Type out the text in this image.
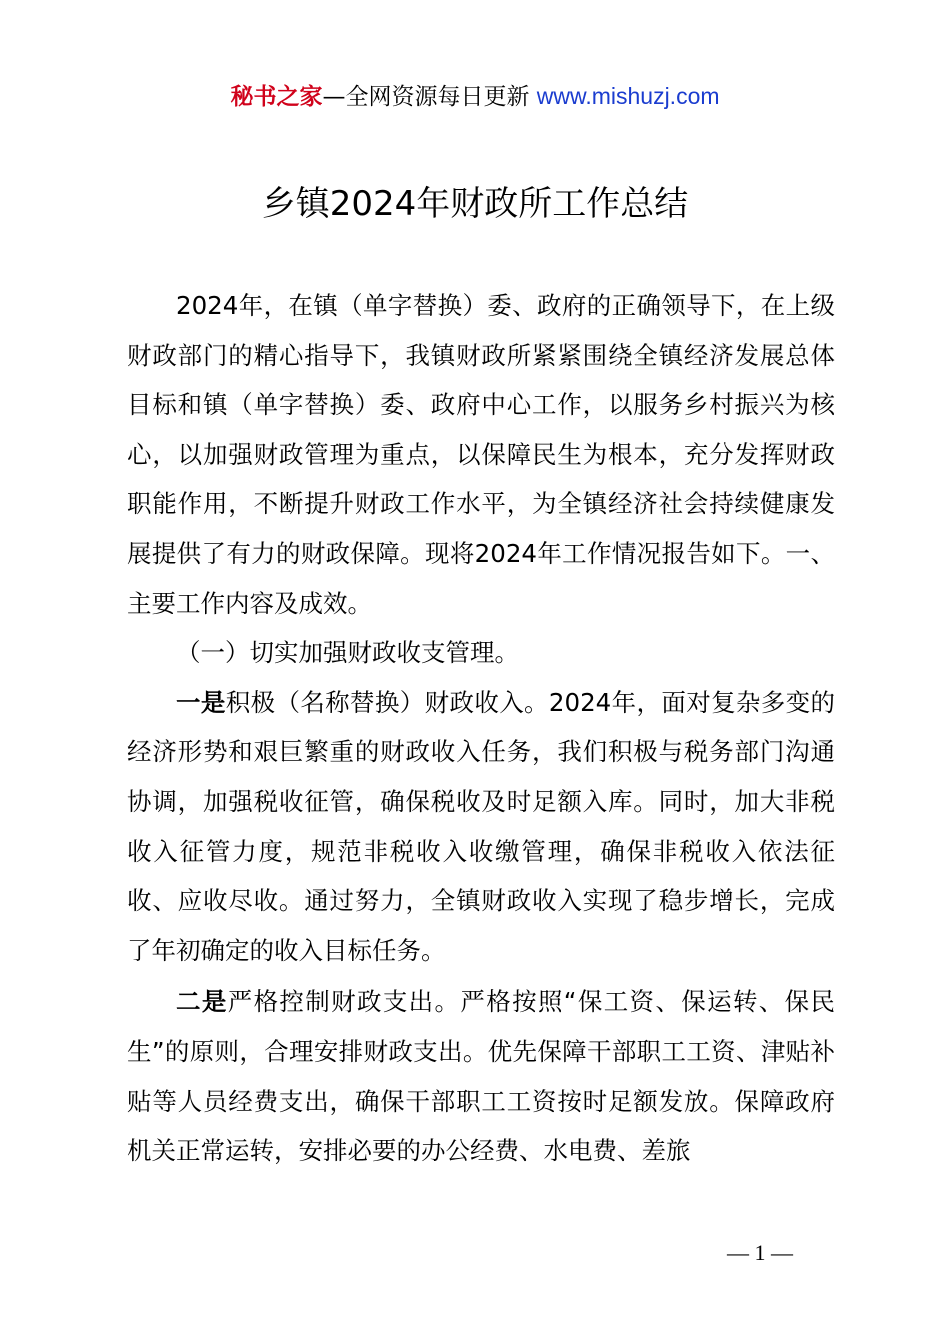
秘书之家—全网资源每日更新 www.mishuzj.com
乡镇2024年财政所工作总结

2024年，在镇（单字替换）委、政府的正确领导下，在上级财政部门的精心指导下，我镇财政所紧紧围绕全镇经济发展总体目标和镇（单字替换）委、政府中心工作，以服务乡村振兴为核心，以加强财政管理为重点，以保障民生为根本，充分发挥财政职能作用，不断提升财政工作水平，为全镇经济社会持续健康发展提供了有力的财政保障。现将2024年工作情况报告如下。一、主要工作内容及成效。

（一）切实加强财政收支管理。

一是积极（名称替换）财政收入。2024年，面对复杂多变的经济形势和艰巨繁重的财政收入任务，我们积极与税务部门沟通协调，加强税收征管，确保税收及时足额入库。同时，加大非税收入征管力度，规范非税收入收缴管理，确保非税收入依法征收、应收尽收。通过努力，全镇财政收入实现了稳步增长，完成了年初确定的收入目标任务。

二是严格控制财政支出。严格按照“保工资、保运转、保民生”的原则，合理安排财政支出。优先保障干部职工工资、津贴补贴等人员经费支出，确保干部职工工资按时足额发放。保障政府机关正常运转，安排必要的办公经费、水电费、差旅

— 1 —
